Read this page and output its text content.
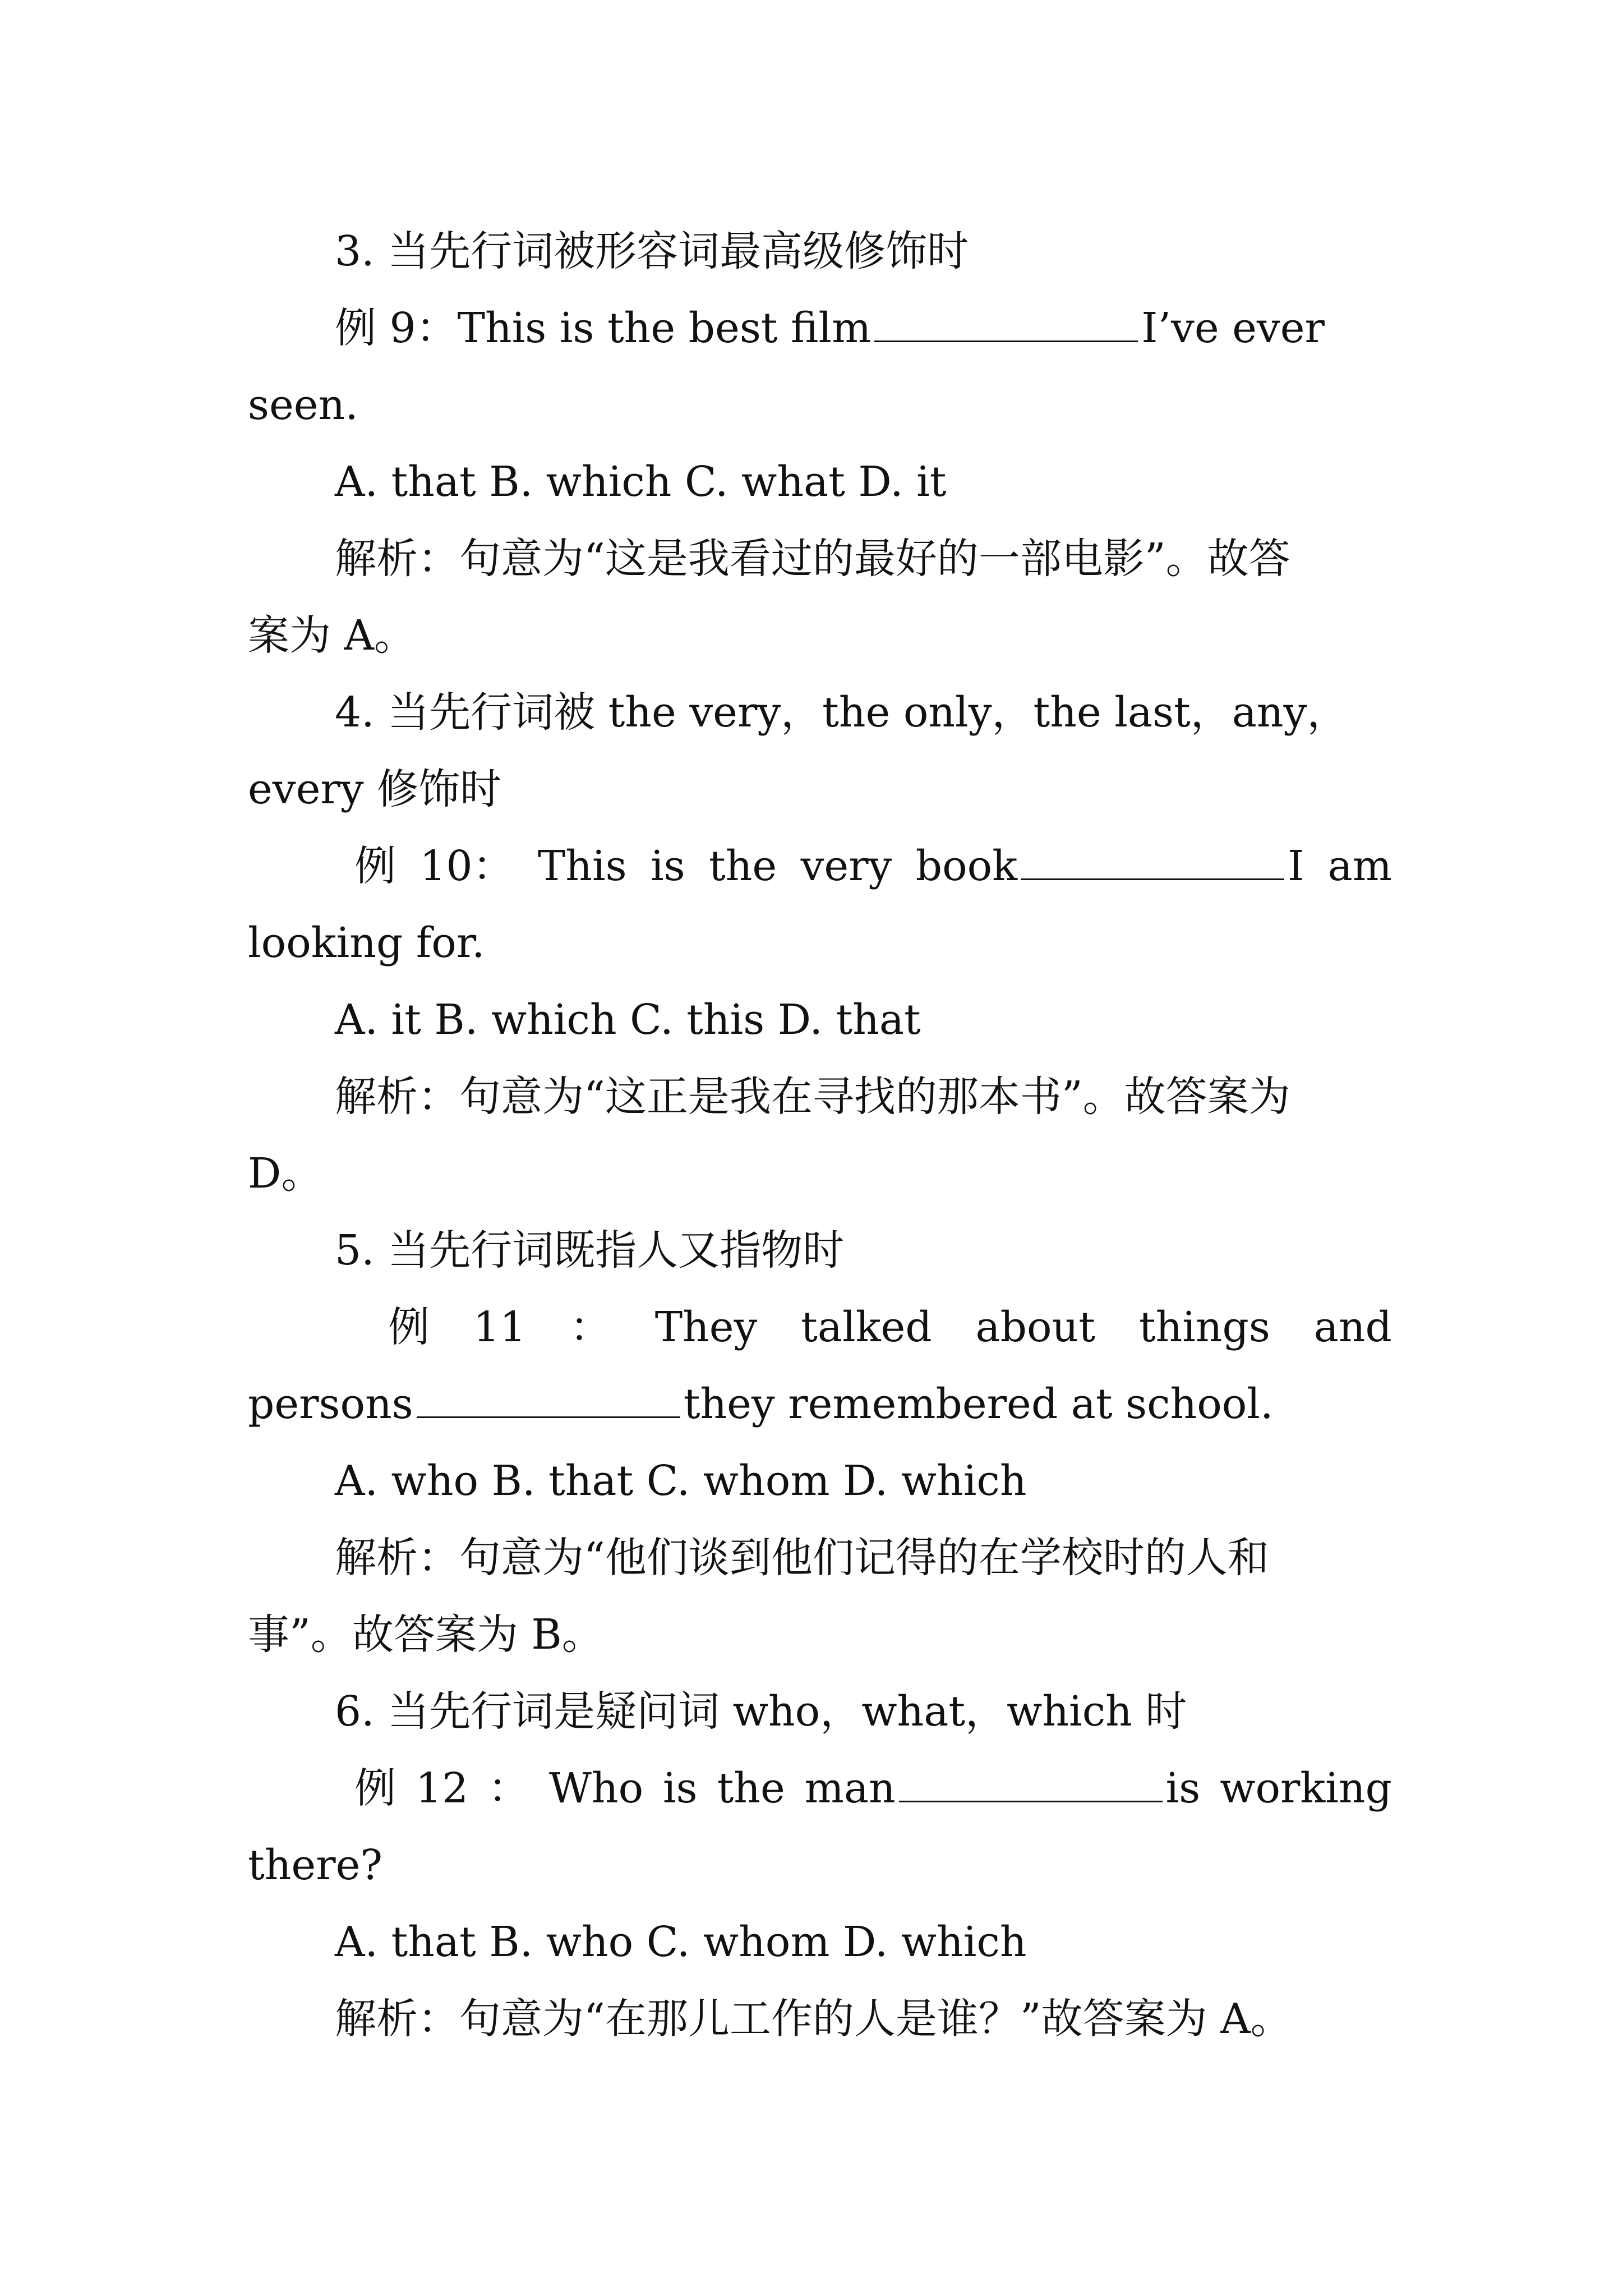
3. 当先行词被形容词最高级修饰时
例 9：This is the best film	I’ve ever
seen.
A. that B. which C. what D. it
解析：句意为“这是我看过的最好的一部电影”。故答
案为 A。
4. 当先行词被 the very，the only，the last，any，
every 修饰时
例 10： This is the very book	I am
looking for.
A. it B. which C. this D. that
解析：句意为“这正是我在寻找的那本书”。故答案为
D。
5. 当先行词既指人又指物时
例 11 ： They talked about things and
persons	they remembered at school.
A. who B. that C. whom D. which
解析：句意为“他们谈到他们记得的在学校时的人和
事”。故答案为 B。
6. 当先行词是疑问词 who，what，which 时
例 12 ： Who is the man	is working
there?
A. that B. who C. whom D. which
解析：句意为“在那儿工作的人是谁？”故答案为 A。
